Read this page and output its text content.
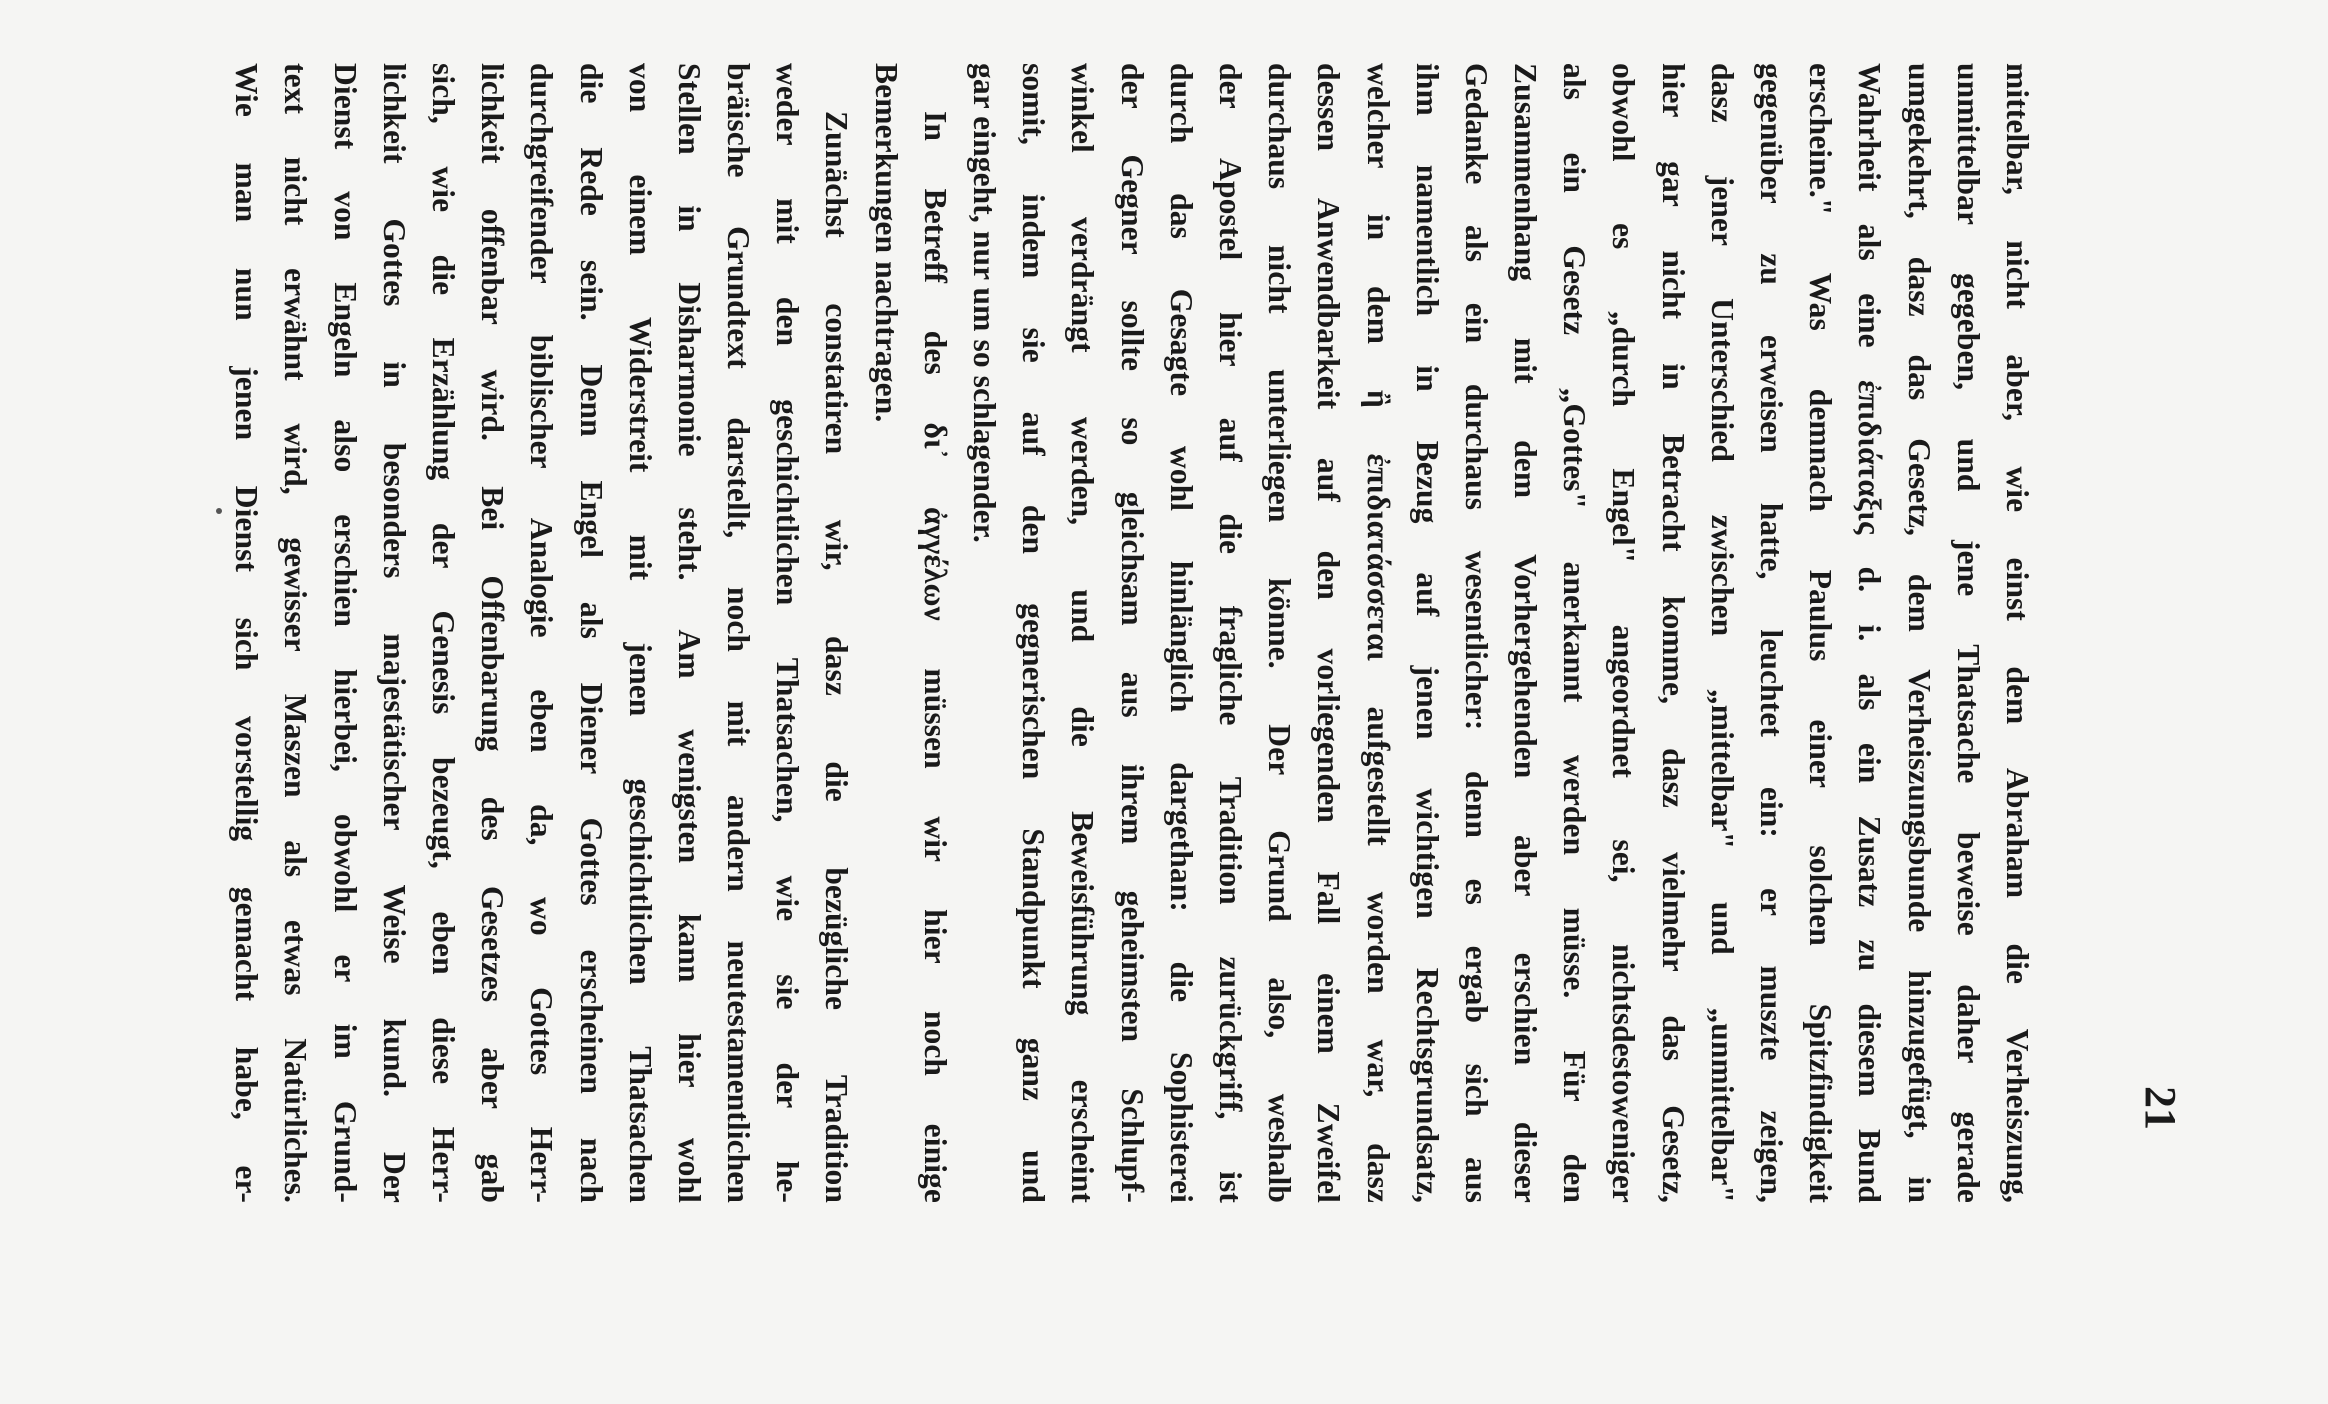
21
mittelbar, nicht aber, wie einst dem Abraham die Verheiszung,
unmittelbar gegeben, und jene Thatsache beweise daher gerade
umgekehrt, dasz das Gesetz, dem Verheiszungsbunde hinzugefügt, in
Wahrheit als eine ἐπιδιάταξις d. i. als ein Zusatz zu diesem Bund
erscheine." Was demnach Paulus einer solchen Spitzfindigkeit
gegenüber zu erweisen hatte, leuchtet ein: er muszte zeigen,
dasz jener Unterschied zwischen „mittelbar" und „unmittelbar"
hier gar nicht in Betracht komme, dasz vielmehr das Gesetz,
obwohl es „durch Engel" angeordnet sei, nichtsdestoweniger
als ein Gesetz „Gottes" anerkannt werden müsse. Für den
Zusammenhang mit dem Vorhergehenden aber erschien dieser
Gedanke als ein durchaus wesentlicher: denn es ergab sich aus
ihm namentlich in Bezug auf jenen wichtigen Rechtsgrundsatz,
welcher in dem ἢ ἐπιδιατάσσεται aufgestellt worden war, dasz
dessen Anwendbarkeit auf den vorliegenden Fall einem Zweifel
durchaus nicht unterliegen könne. Der Grund also, weshalb
der Apostel hier auf die fragliche Tradition zurückgriff, ist
durch das Gesagte wohl hinlänglich dargethan: die Sophisterei
der Gegner sollte so gleichsam aus ihrem geheimsten Schlupf-
winkel verdrängt werden, und die Beweisführung erscheint
somit, indem sie auf den gegnerischen Standpunkt ganz und
gar eingeht, nur um so schlagender.
In Betreff des δι᾽ ἀγγέλων müssen wir hier noch einige
Bemerkungen nachtragen.
Zunächst constatiren wir, dasz die bezügliche Tradition
weder mit den geschichtlichen Thatsachen, wie sie der he-
bräische Grundtext darstellt, noch mit andern neutestamentlichen
Stellen in Disharmonie steht. Am wenigsten kann hier wohl
von einem Widerstreit mit jenen geschichtlichen Thatsachen
die Rede sein. Denn Engel als Diener Gottes erscheinen nach
durchgreifender biblischer Analogie eben da, wo Gottes Herr-
lichkeit offenbar wird. Bei Offenbarung des Gesetzes aber gab
sich, wie die Erzählung der Genesis bezeugt, eben diese Herr-
lichkeit Gottes in besonders majestätischer Weise kund. Der
Dienst von Engeln also erschien hierbei, obwohl er im Grund-
text nicht erwähnt wird, gewisser Maszen als etwas Natürliches.
Wie man nun jenen Dienst sich vorstellig gemacht habe, er-
